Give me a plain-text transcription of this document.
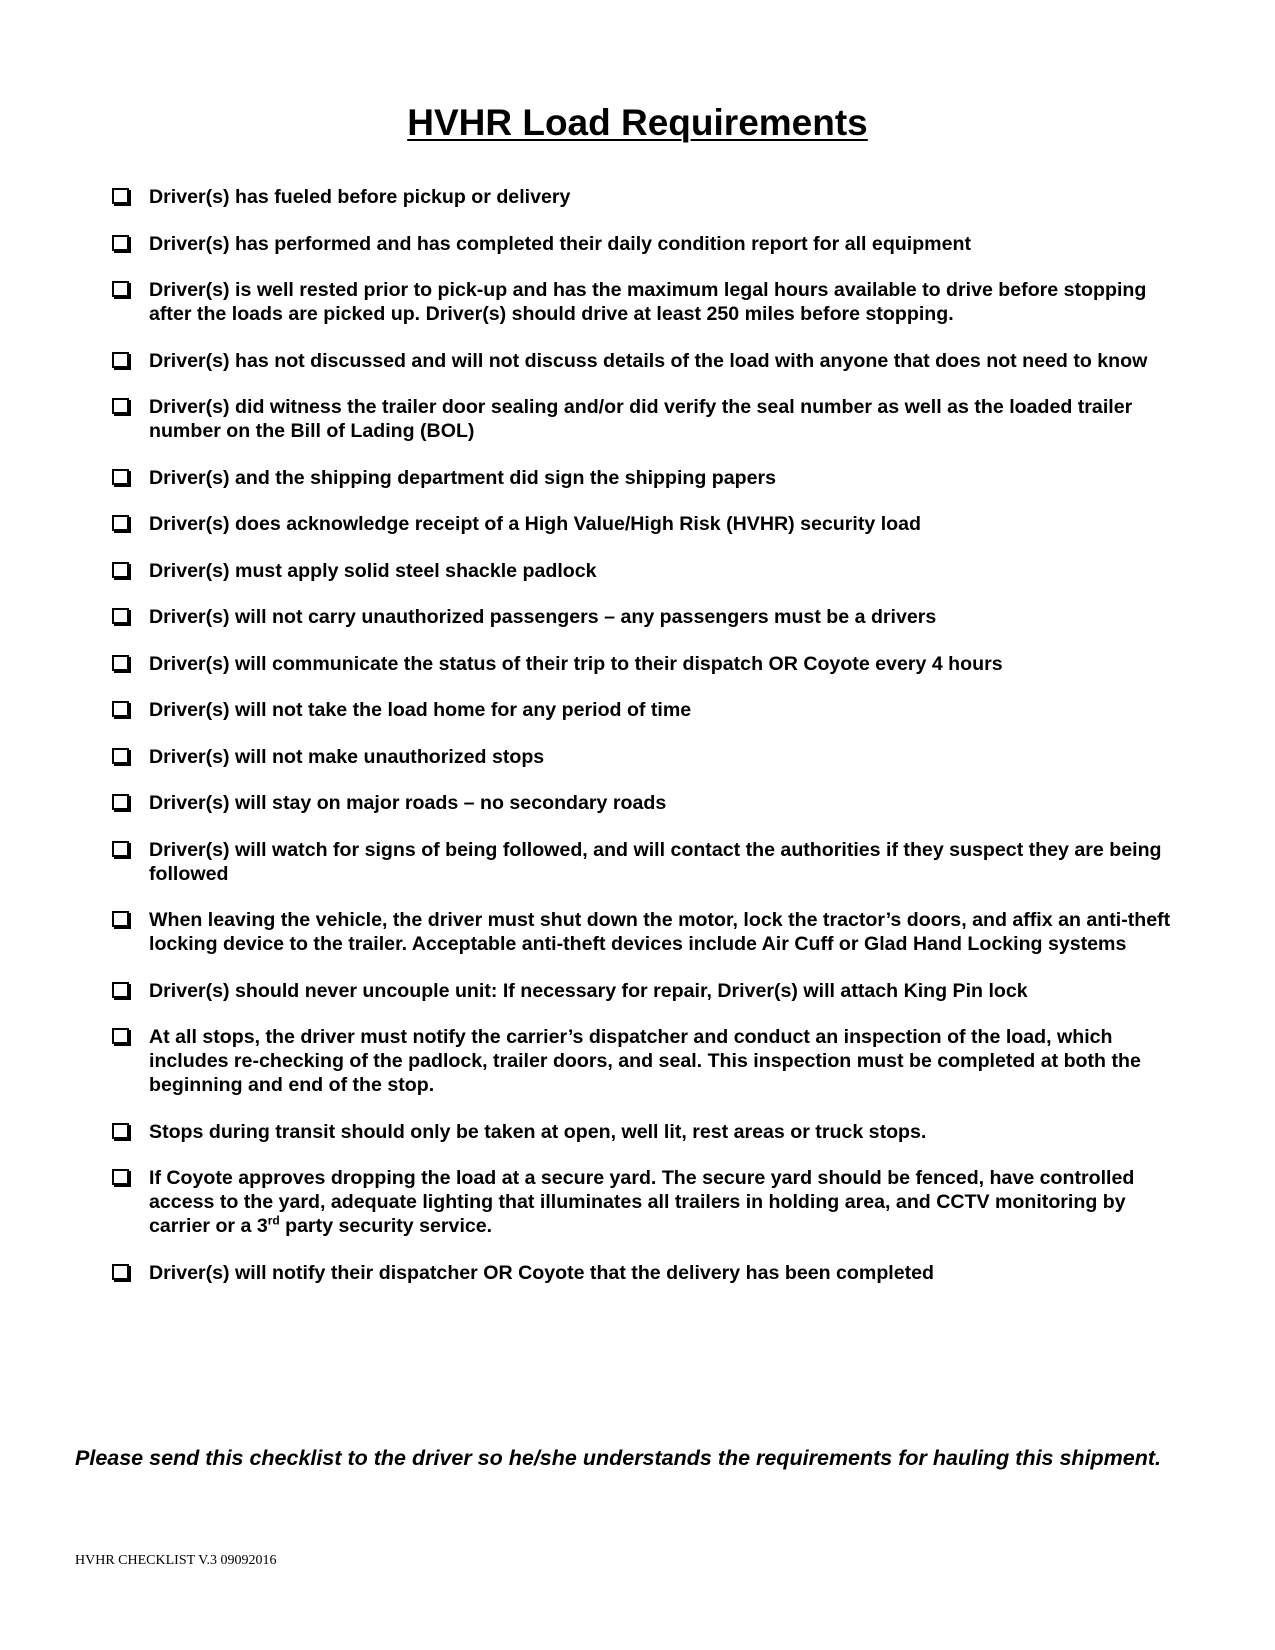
HVHR Load Requirements
Driver(s) has fueled before pickup or delivery
Driver(s) has performed and has completed their daily condition report for all equipment
Driver(s) is well rested prior to pick-up and has the maximum legal hours available to drive before stopping after the loads are picked up. Driver(s) should drive at least 250 miles before stopping.
Driver(s) has not discussed and will not discuss details of the load with anyone that does not need to know
Driver(s) did witness the trailer door sealing and/or did verify the seal number as well as the loaded trailer number on the Bill of Lading (BOL)
Driver(s) and the shipping department did sign the shipping papers
Driver(s) does acknowledge receipt of a High Value/High Risk (HVHR) security load
Driver(s) must apply solid steel shackle padlock
Driver(s) will not carry unauthorized passengers – any passengers must be a drivers
Driver(s) will communicate the status of their trip to their dispatch OR Coyote every 4 hours
Driver(s) will not take the load home for any period of time
Driver(s) will not make unauthorized stops
Driver(s) will stay on major roads – no secondary roads
Driver(s) will watch for signs of being followed, and will contact the authorities if they suspect they are being followed
When leaving the vehicle, the driver must shut down the motor, lock the tractor’s doors, and affix an anti-theft locking device to the trailer. Acceptable anti-theft devices include Air Cuff or Glad Hand Locking systems
Driver(s) should never uncouple unit: If necessary for repair, Driver(s) will attach King Pin lock
At all stops, the driver must notify the carrier’s dispatcher and conduct an inspection of the load, which includes re-checking of the padlock, trailer doors, and seal. This inspection must be completed at both the beginning and end of the stop.
Stops during transit should only be taken at open, well lit, rest areas or truck stops.
If Coyote approves dropping the load at a secure yard. The secure yard should be fenced, have controlled access to the yard, adequate lighting that illuminates all trailers in holding area, and CCTV monitoring by carrier or a 3rd party security service.
Driver(s) will notify their dispatcher OR Coyote that the delivery has been completed

Please send this checklist to the driver so he/she understands the requirements for hauling this shipment.

HVHR CHECKLIST V.3 09092016
